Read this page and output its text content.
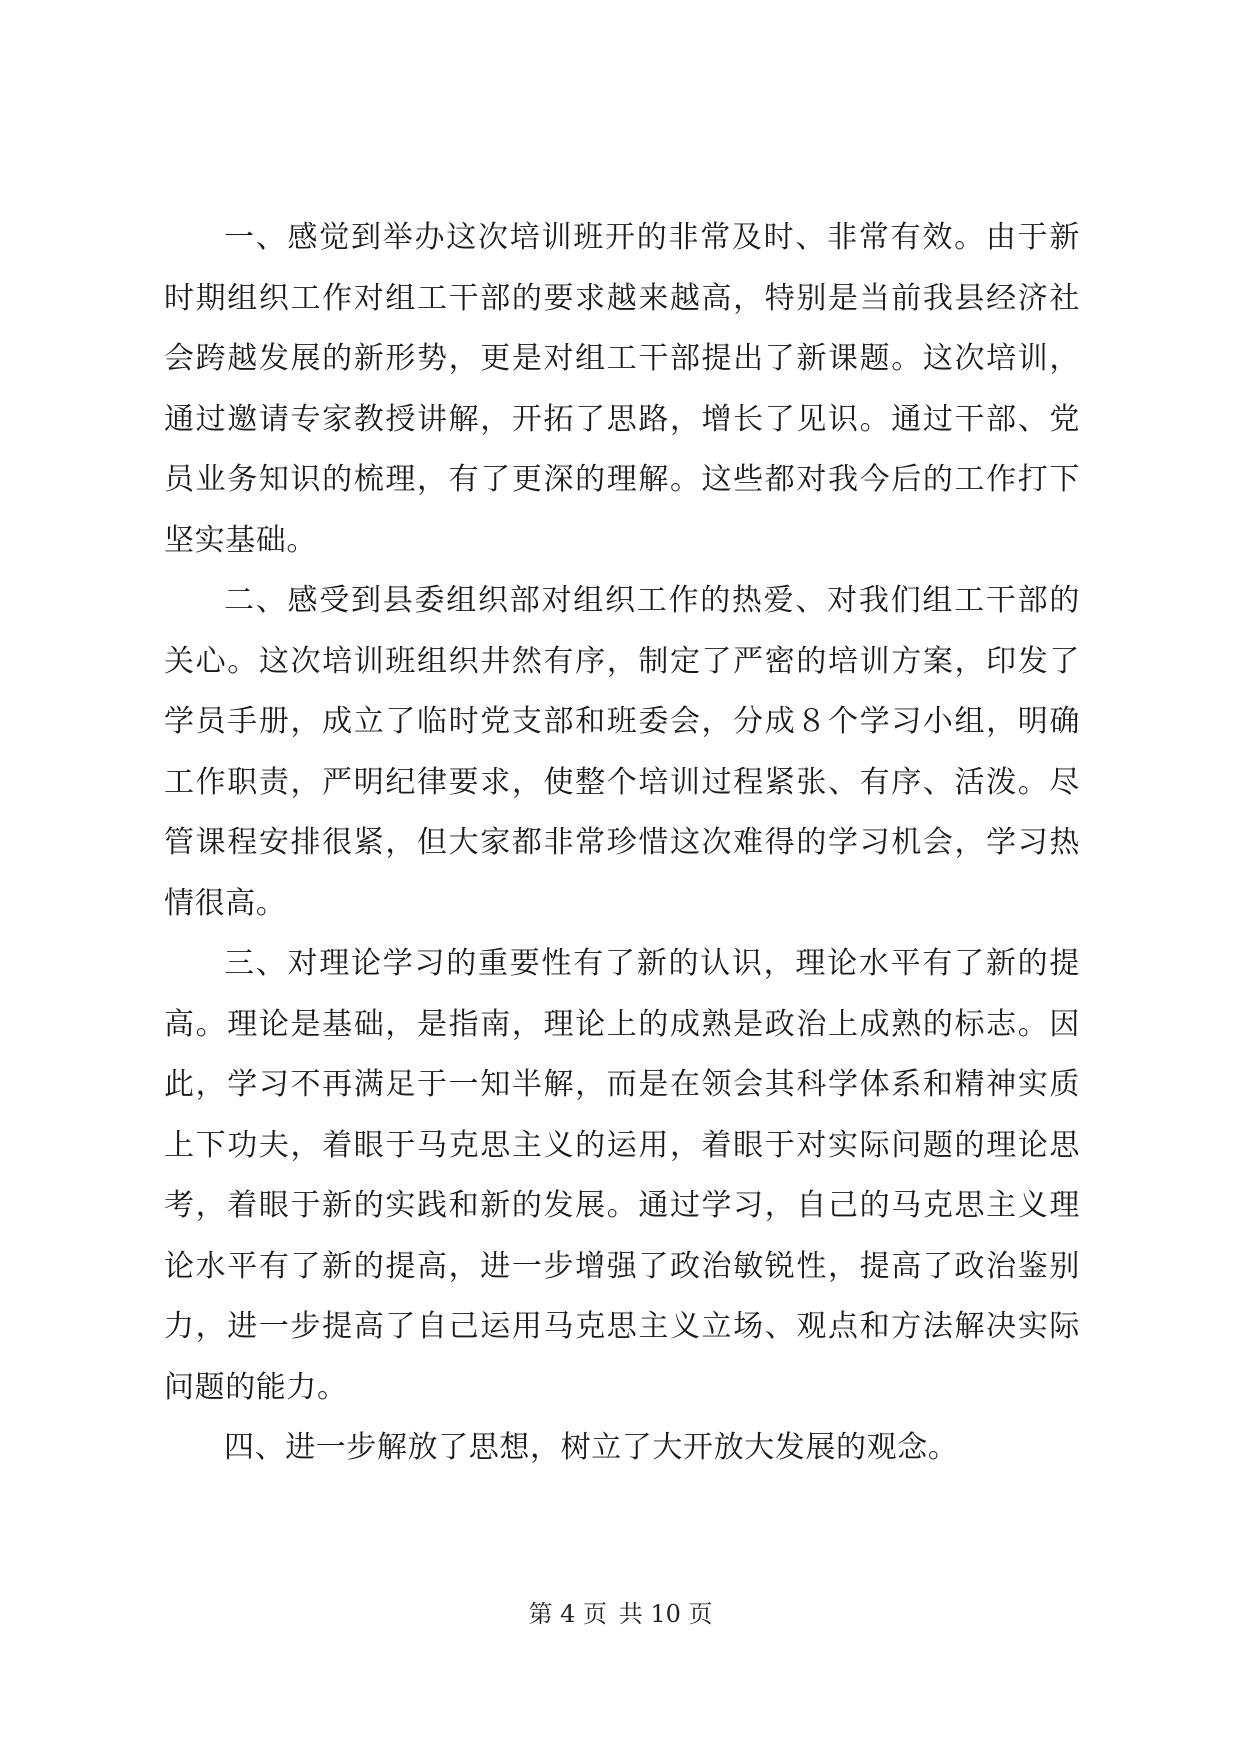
一、感觉到举办这次培训班开的非常及时、非常有效。由于新时期组织工作对组工干部的要求越来越高，特别是当前我县经济社会跨越发展的新形势，更是对组工干部提出了新课题。这次培训，通过邀请专家教授讲解，开拓了思路，增长了见识。通过干部、党员业务知识的梳理，有了更深的理解。这些都对我今后的工作打下坚实基础。

二、感受到县委组织部对组织工作的热爱、对我们组工干部的关心。这次培训班组织井然有序，制定了严密的培训方案，印发了学员手册，成立了临时党支部和班委会，分成８个学习小组，明确工作职责，严明纪律要求，使整个培训过程紧张、有序、活泼。尽管课程安排很紧，但大家都非常珍惜这次难得的学习机会，学习热情很高。

三、对理论学习的重要性有了新的认识，理论水平有了新的提高。理论是基础，是指南，理论上的成熟是政治上成熟的标志。因此，学习不再满足于一知半解，而是在领会其科学体系和精神实质上下功夫，着眼于马克思主义的运用，着眼于对实际问题的理论思考，着眼于新的实践和新的发展。通过学习，自己的马克思主义理论水平有了新的提高，进一步增强了政治敏锐性，提高了政治鉴别力，进一步提高了自己运用马克思主义立场、观点和方法解决实际问题的能力。

四、进一步解放了思想，树立了大开放大发展的观念。

第 4 页 共 10 页
